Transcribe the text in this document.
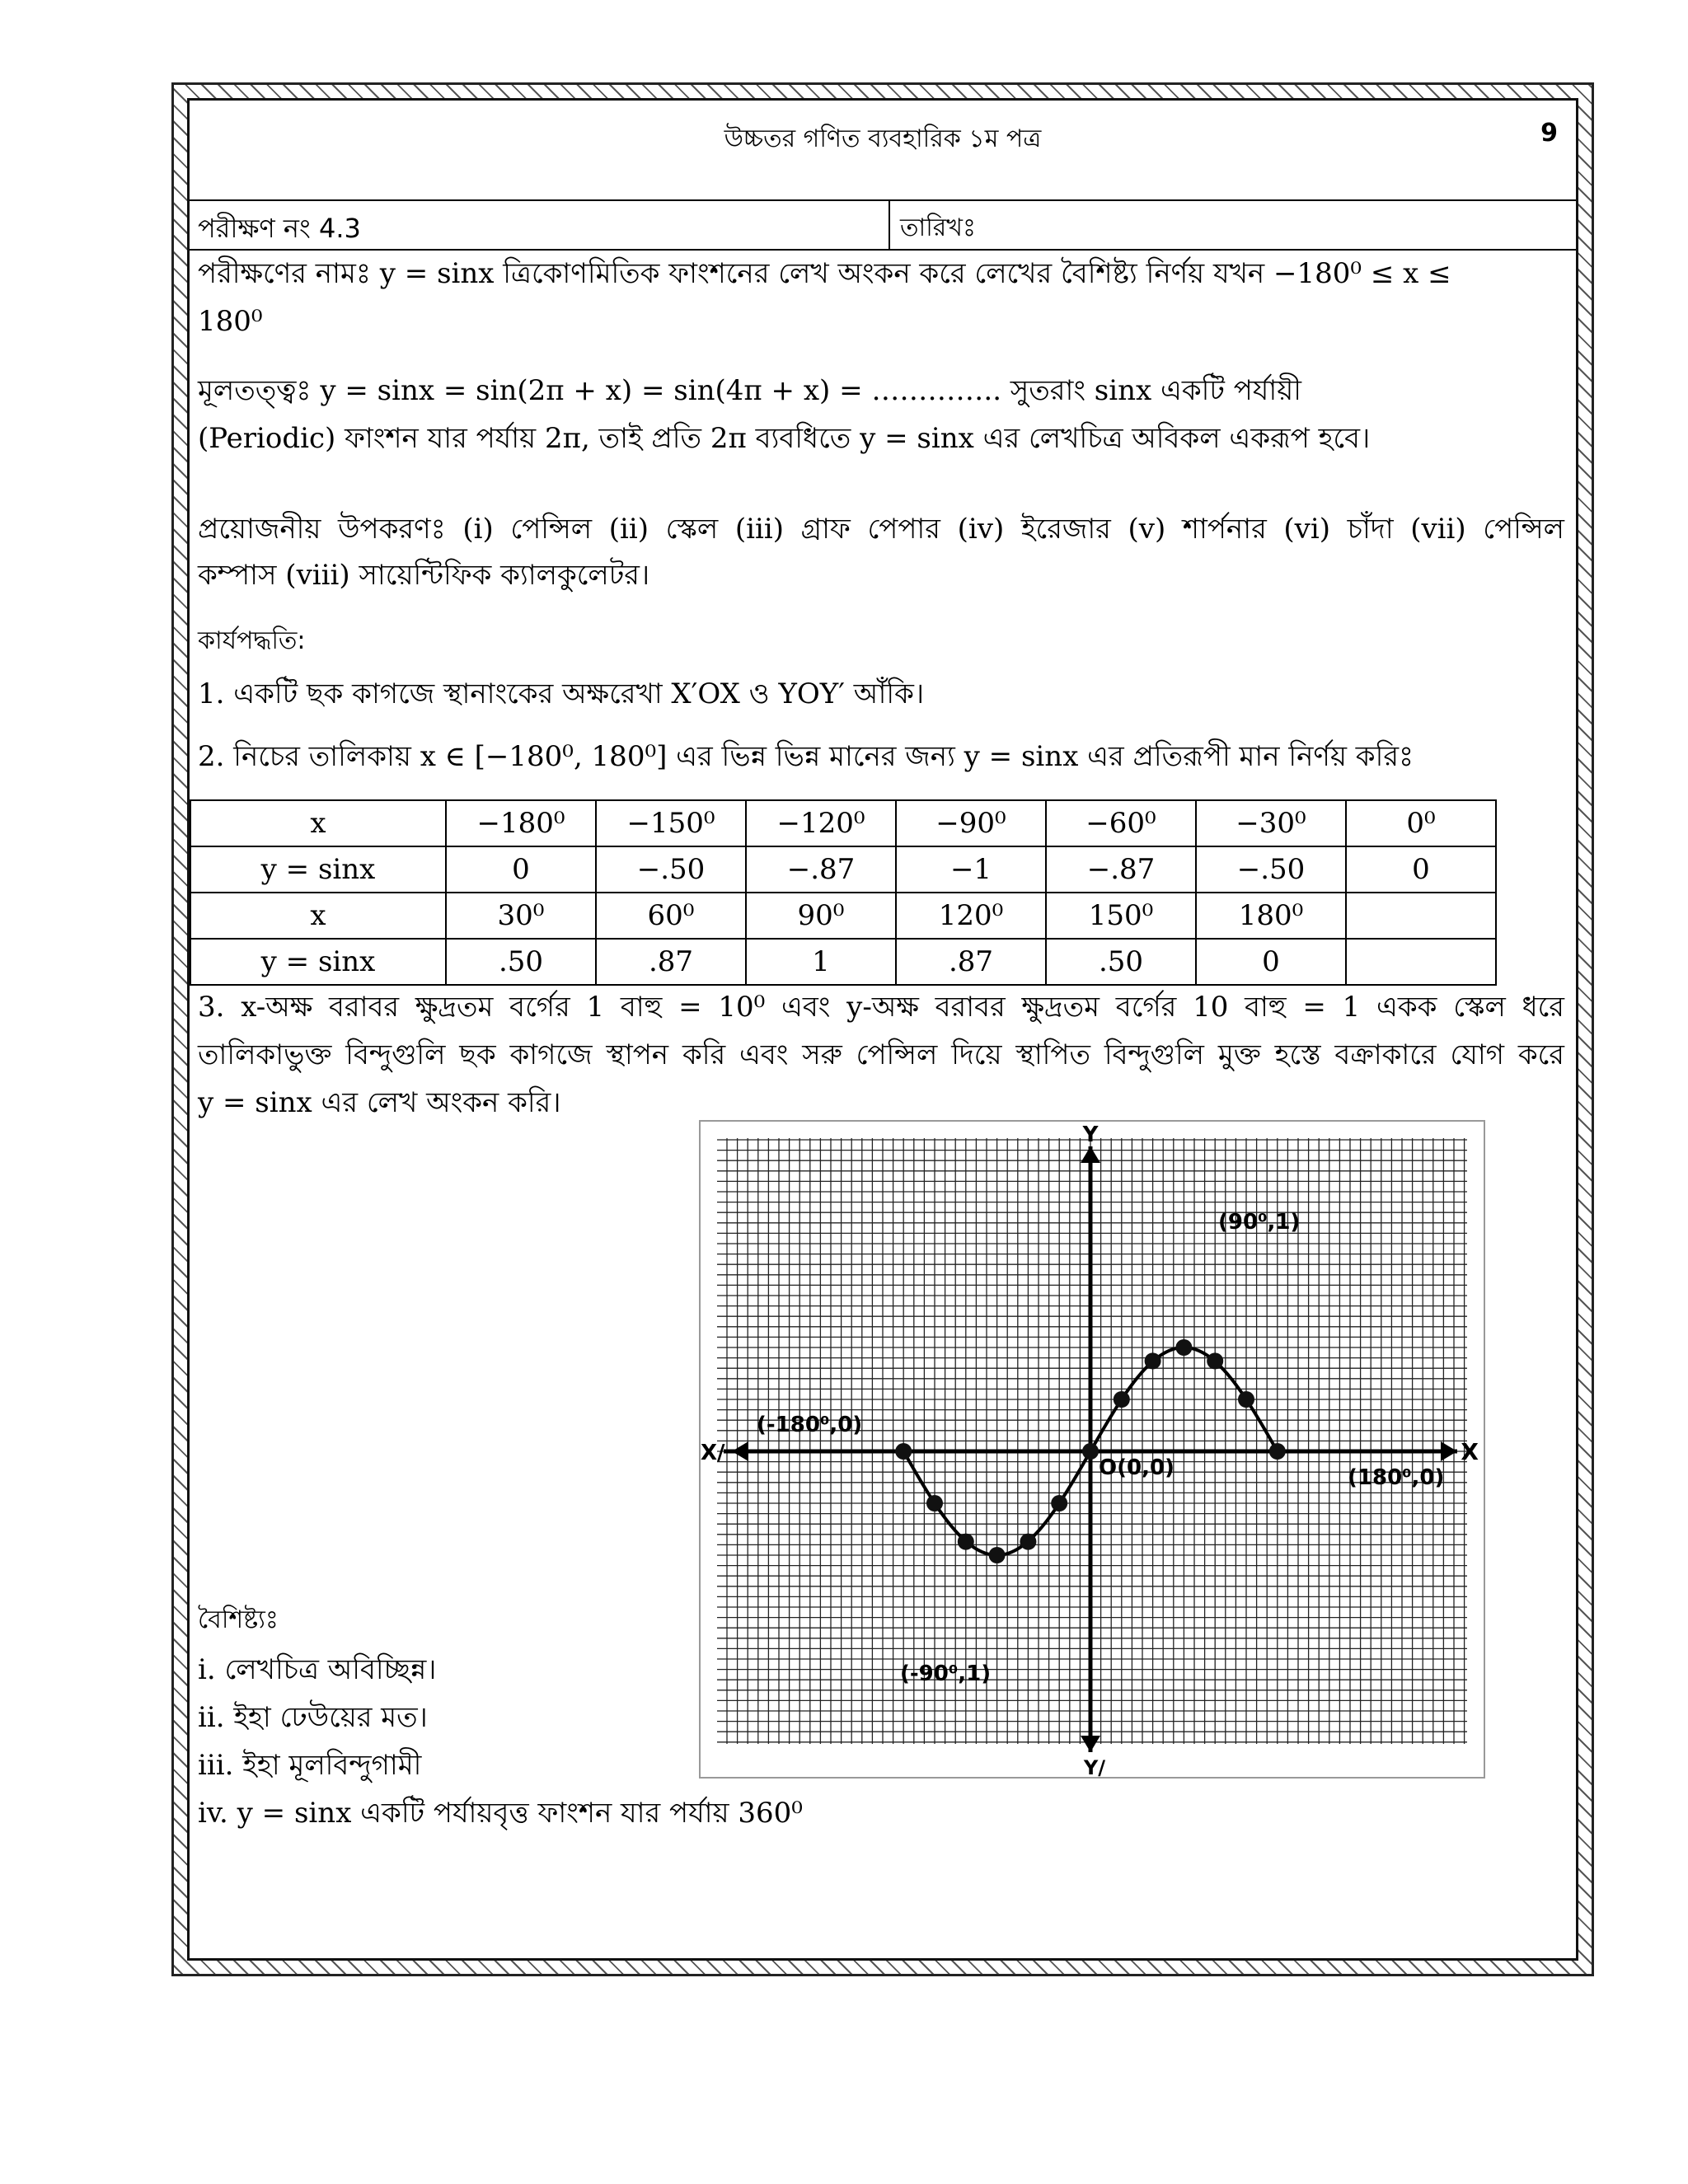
উচ্চতর গণিত ব্যবহারিক ১ম পত্র	9
পরীক্ষণ নং 4.3	তারিখঃ
পরীক্ষণের নামঃ y = sinx ত্রিকোণমিতিক ফাংশনের লেখ অংকন করে লেখের বৈশিষ্ট্য নির্ণয় যখন −180⁰ ≤ x ≤
180⁰
মূলতত্ত্বঃ y = sinx = sin(2π + x) = sin(4π + x) = ………….. সুতরাং sinx একটি পর্যায়ী
(Periodic) ফাংশন যার পর্যায় 2π, তাই প্রতি 2π ব্যবধিতে y = sinx এর লেখচিত্র অবিকল একরূপ হবে।
প্রয়োজনীয় উপকরণঃ (i) পেন্সিল (ii) স্কেল (iii) গ্রাফ পেপার (iv) ইরেজার (v) শার্পনার (vi) চাঁদা (vii) পেন্সিল
কম্পাস (viii) সায়েন্টিফিক ক্যালকুলেটর।
কার্যপদ্ধতি:
1. একটি ছক কাগজে স্থানাংকের অক্ষরেখা X′OX ও YOY′ আঁকি।
2. নিচের তালিকায় x ∈ [−180⁰, 180⁰] এর ভিন্ন ভিন্ন মানের জন্য y = sinx এর প্রতিরূপী মান নির্ণয় করিঃ
x	−180⁰	−150⁰	−120⁰	−90⁰	−60⁰	−30⁰	0⁰
y = sinx	0	−.50	−.87	−1	−.87	−.50	0
x	30⁰	60⁰	90⁰	120⁰	150⁰	180⁰	
y = sinx	.50	.87	1	.87	.50	0	
3. x-অক্ষ বরাবর ক্ষুদ্রতম বর্গের 1 বাহু = 10⁰ এবং y-অক্ষ বরাবর ক্ষুদ্রতম বর্গের 10 বাহু = 1 একক স্কেল ধরে
তালিকাভুক্ত বিন্দুগুলি ছক কাগজে স্থাপন করি এবং সরু পেন্সিল দিয়ে স্থাপিত বিন্দুগুলি মুক্ত হস্তে বক্রাকারে যোগ করে
y = sinx এর লেখ অংকন করি।
বৈশিষ্ট্যঃ
i. লেখচিত্র অবিচ্ছিন্ন।
ii. ইহা ঢেউয়ের মত।
iii. ইহা মূলবিন্দুগামী
iv. y = sinx একটি পর্যায়বৃত্ত ফাংশন যার পর্যায় 360⁰
X
X/
Y
Y/
(-180⁰,0)
O(0,0)	(180⁰,0)
(90⁰,1)
(-90⁰,1)
